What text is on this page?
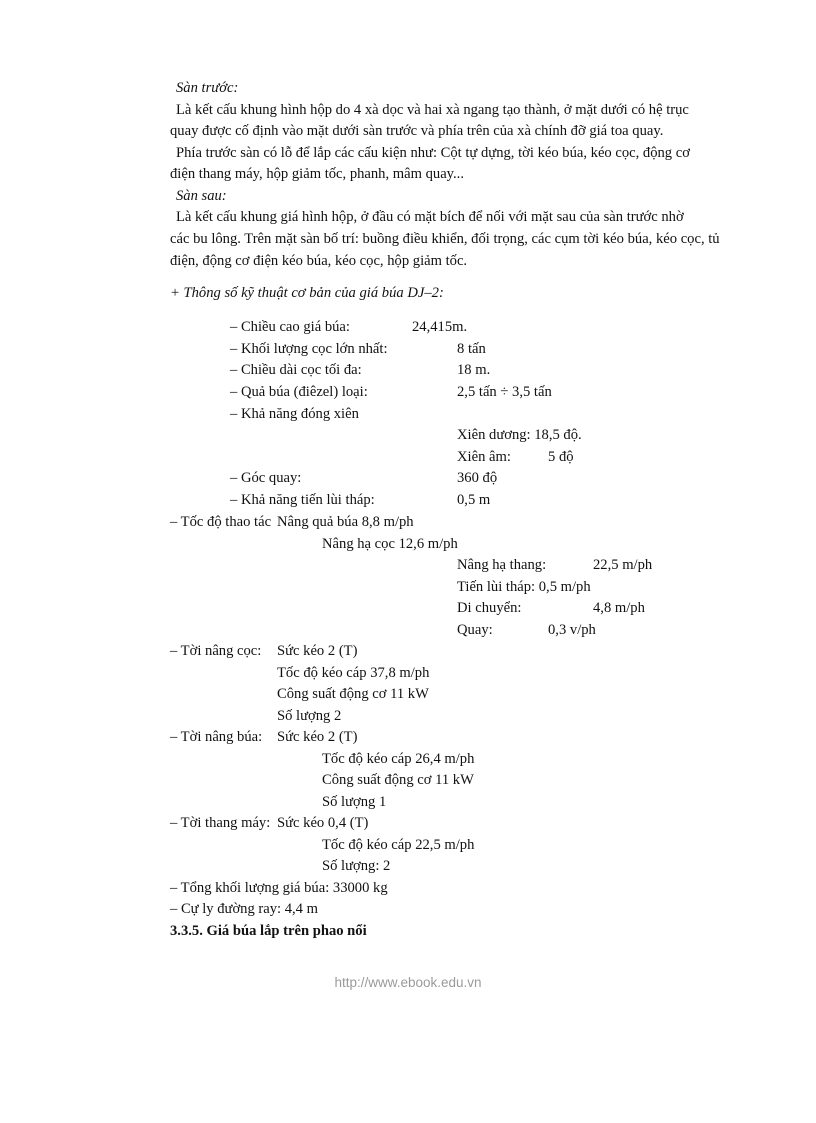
Sàn trước:
Là kết cấu khung hình hộp do 4 xà dọc và hai xà ngang tạo thành, ở mặt dưới có hệ trục
quay được cố định vào mặt dưới sàn trước và phía trên của xà chính đỡ giá toa quay.
Phía trước sàn có lỗ để lắp các cấu kiện như: Cột tự dựng, tời kéo búa, kéo cọc, động cơ
điện thang máy, hộp giảm tốc, phanh, mâm quay...
Sàn sau:
Là kết cấu khung giá hình hộp, ở đầu có mặt bích để nối với mặt sau của sàn trước nhờ
các bu lông. Trên mặt sàn bố trí: buồng điều khiển, đối trọng, các cụm tời kéo búa, kéo cọc, tủ
điện, động cơ điện kéo búa, kéo cọc, hộp giảm tốc.
+ Thông số kỹ thuật cơ bản của giá búa DJ–2:
– Chiều cao giá búa:	24,415m.
– Khối lượng cọc lớn nhất:	8 tấn
– Chiều dài cọc tối đa:	18 m.
– Quả búa (điêzel) loại:	2,5 tấn ÷ 3,5 tấn
– Khả năng đóng xiên
Xiên dương: 18,5 độ.
Xiên âm:	5 độ
– Góc quay:	360 độ
– Khả năng tiến lùi tháp:	0,5 m
– Tốc độ thao tác Nâng quả búa 8,8 m/ph
Nâng hạ cọc 12,6 m/ph
Nâng hạ thang:	22,5 m/ph
Tiến lùi tháp: 0,5 m/ph
Di chuyển:	4,8 m/ph
Quay:	0,3 v/ph
– Tời nâng cọc: Sức kéo 2 (T)
Tốc độ kéo cáp 37,8 m/ph
Công suất động cơ 11 kW
Số lượng 2
– Tời nâng búa: Sức kéo 2 (T)
Tốc độ kéo cáp 26,4 m/ph
Công suất động cơ 11 kW
Số lượng 1
– Tời thang máy: Sức kéo 0,4 (T)
Tốc độ kéo cáp 22,5 m/ph
Số lượng: 2
– Tổng khối lượng giá búa: 33000 kg
– Cự ly đường ray: 4,4 m
3.3.5. Giá búa lắp trên phao nổi
http://www.ebook.edu.vn
